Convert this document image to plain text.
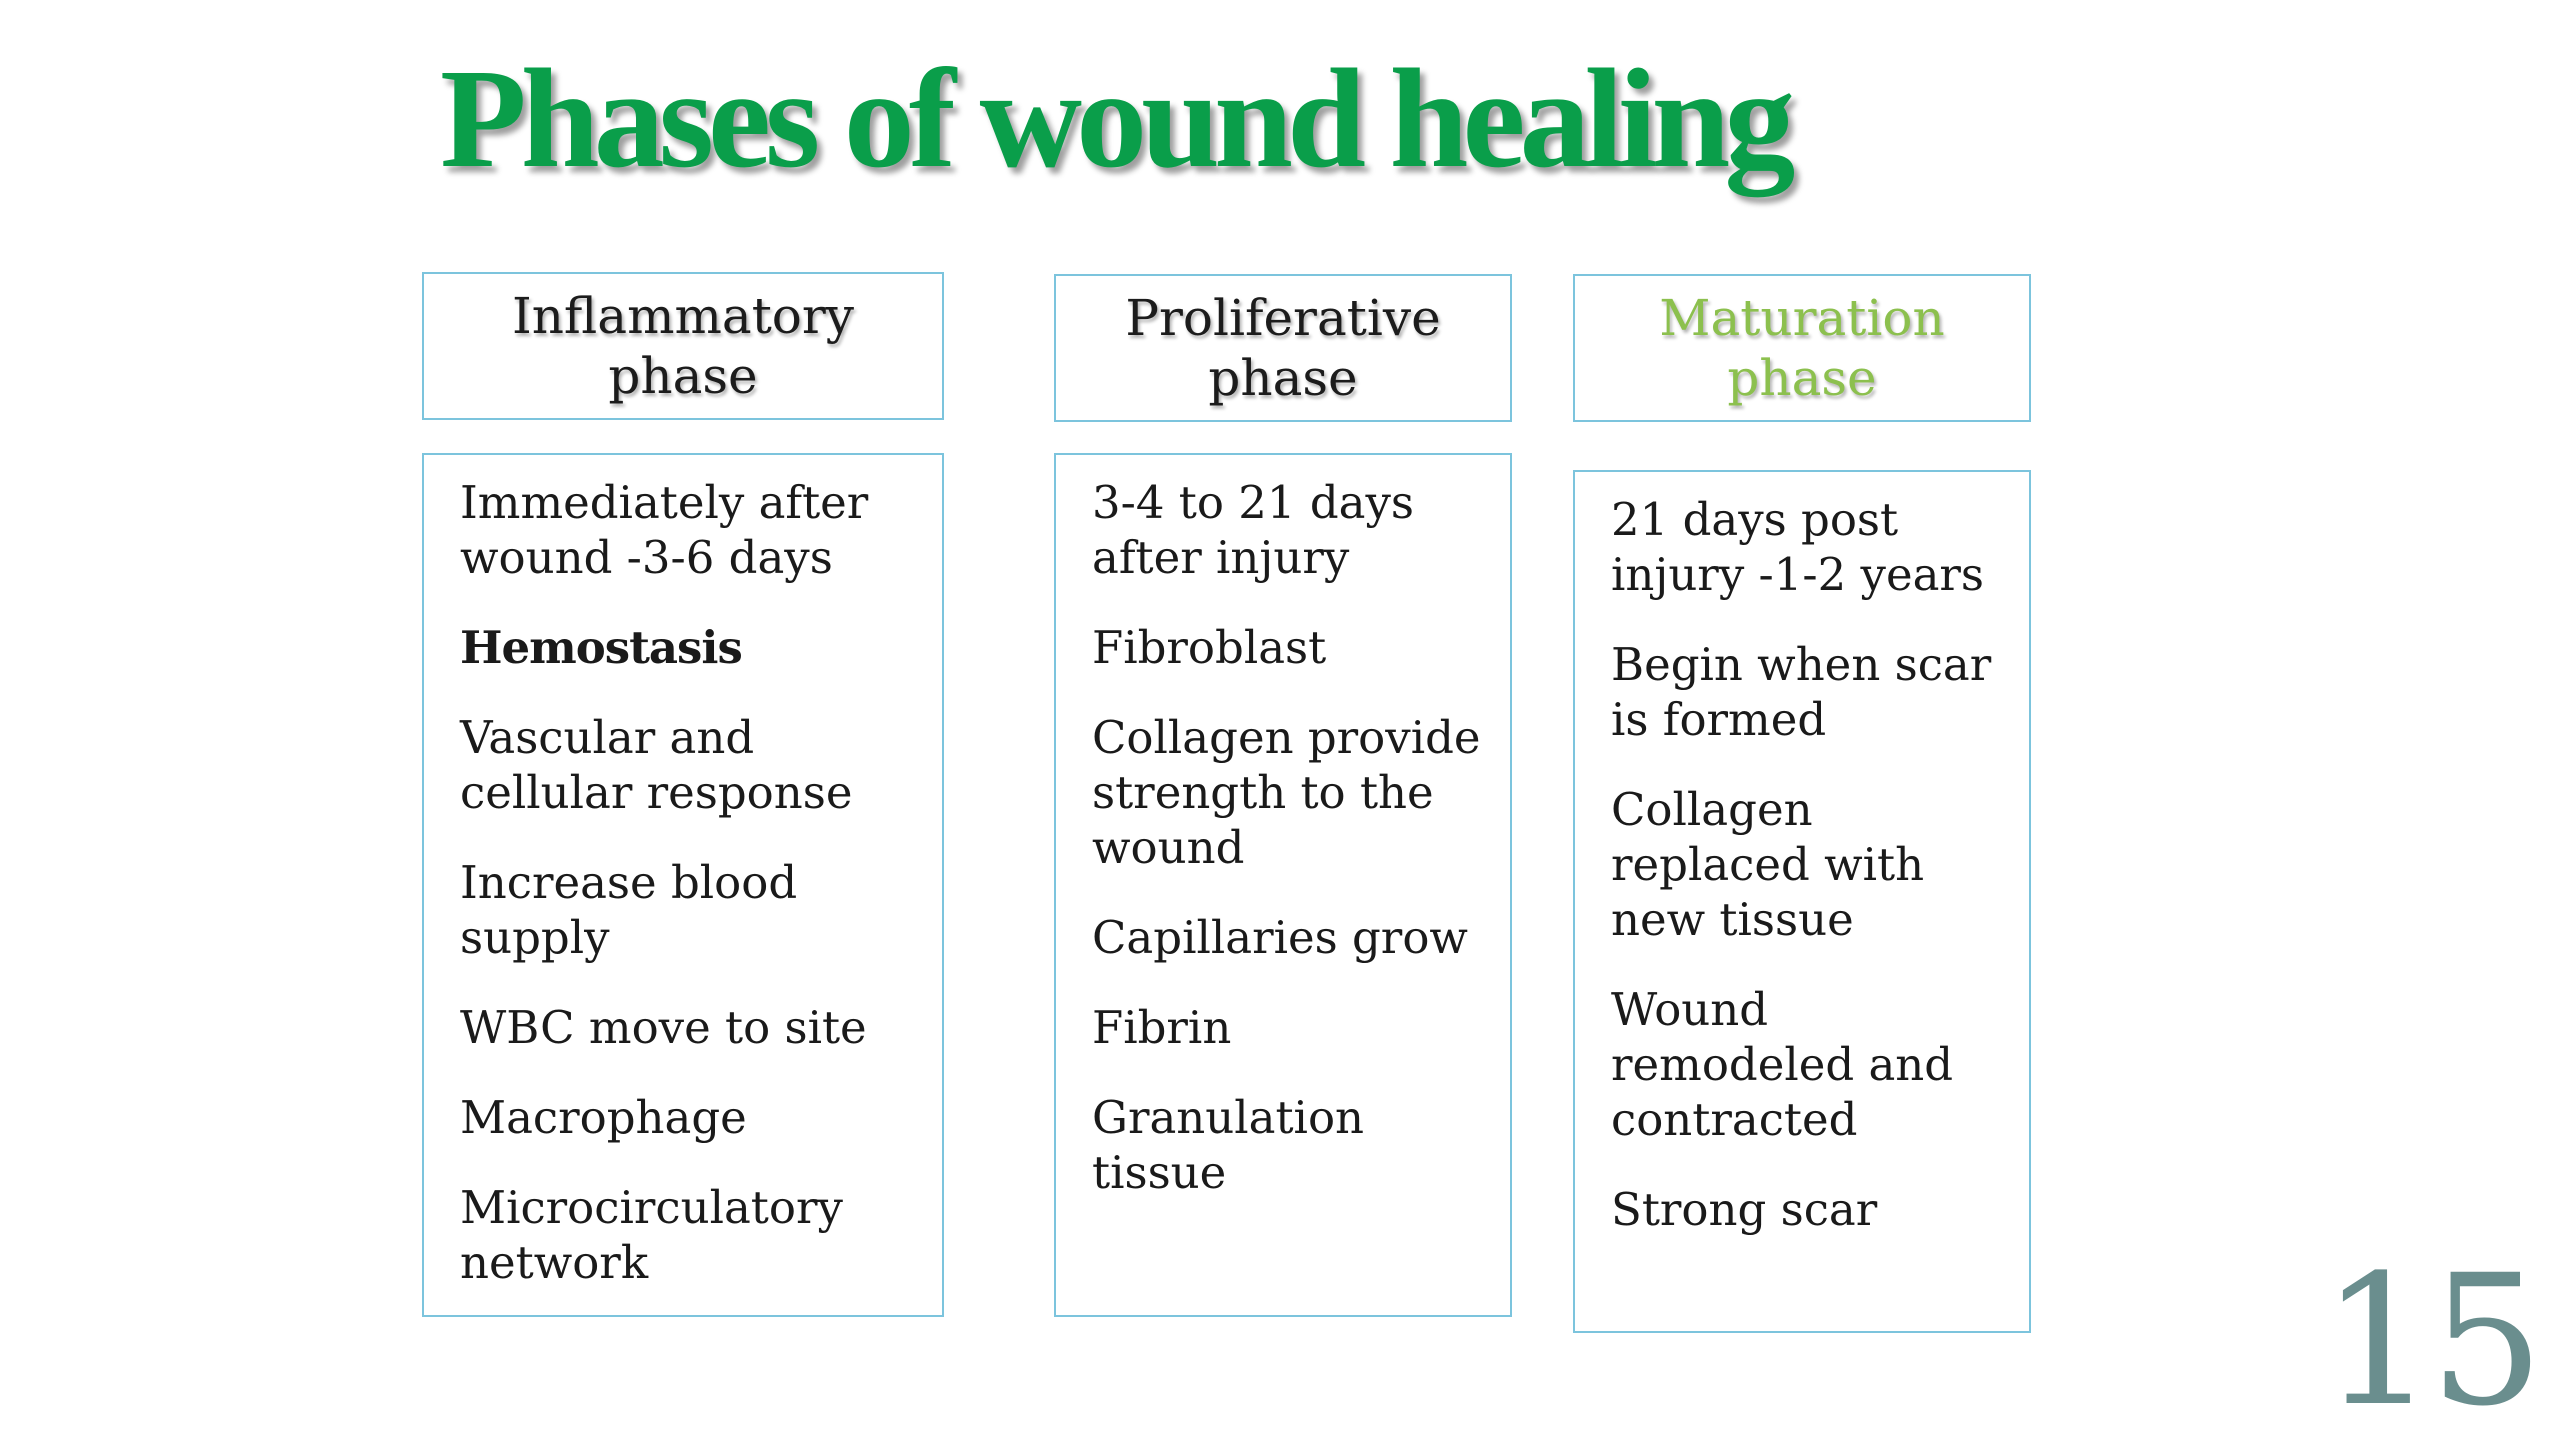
Phases of wound healing
Inflammatory phase
Immediately after wound -3-6 days
Hemostasis
Vascular and cellular response
Increase blood supply
WBC move to site
Macrophage
Microcirculatory network
Proliferative phase
3-4 to 21 days after injury
Fibroblast
Collagen provide strength to the wound
Capillaries grow
Fibrin
Granulation tissue
Maturation phase
21 days post injury -1-2 years
Begin when scar is formed
Collagen replaced with new tissue
Wound remodeled and contracted
Strong scar
15
